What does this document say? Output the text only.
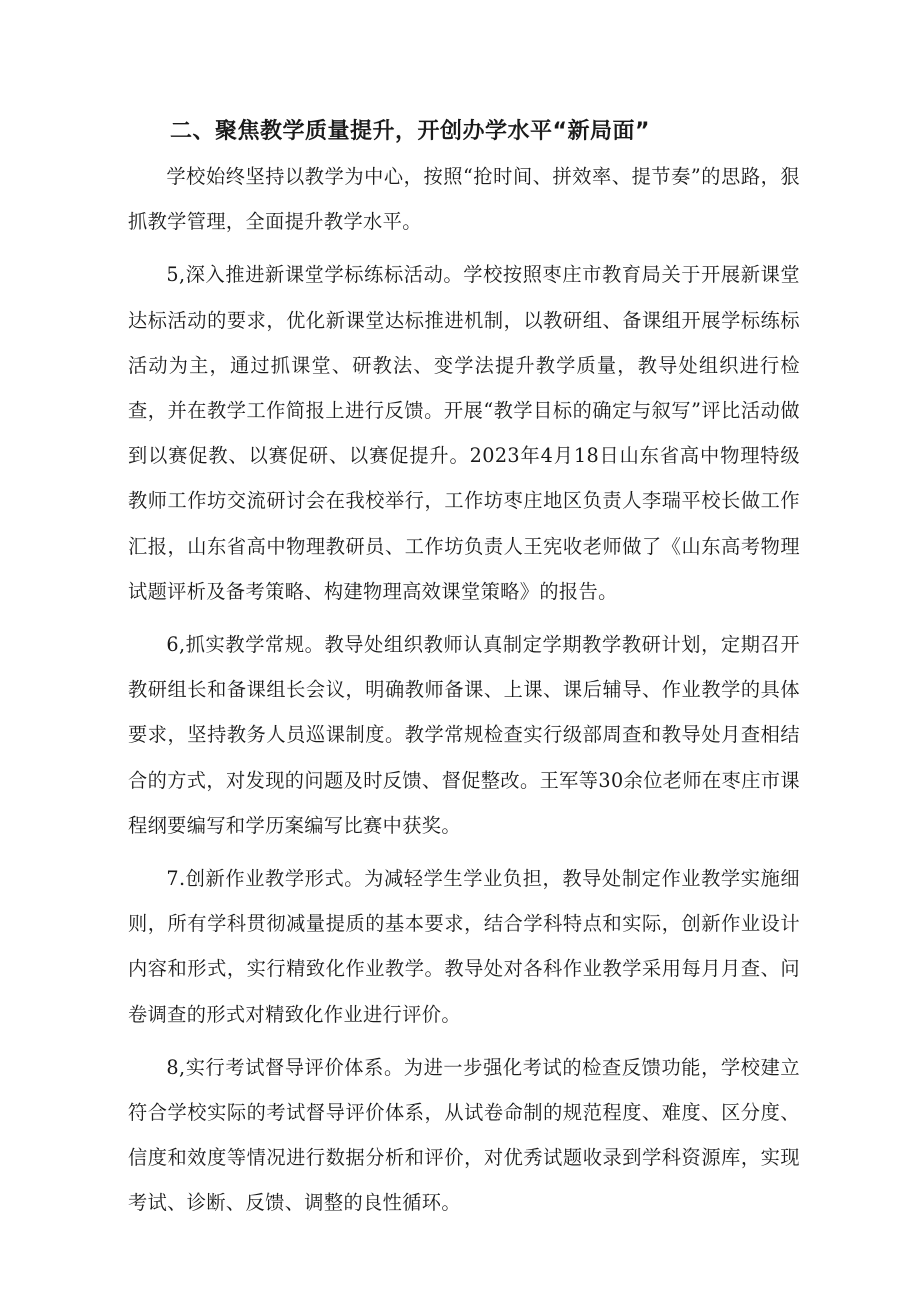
二、聚焦教学质量提升，开创办学水平“新局面”

学校始终坚持以教学为中心，按照“抢时间、拼效率、提节奏”的思路，狠抓教学管理，全面提升教学水平。

5,深入推进新课堂学标练标活动。学校按照枣庄市教育局关于开展新课堂达标活动的要求，优化新课堂达标推进机制，以教研组、备课组开展学标练标活动为主，通过抓课堂、研教法、变学法提升教学质量，教导处组织进行检查，并在教学工作简报上进行反馈。开展“教学目标的确定与叙写”评比活动做到以赛促教、以赛促研、以赛促提升。2023年4月18日山东省高中物理特级教师工作坊交流研讨会在我校举行，工作坊枣庄地区负责人李瑞平校长做工作汇报，山东省高中物理教研员、工作坊负责人王宪收老师做了《山东高考物理试题评析及备考策略、构建物理高效课堂策略》的报告。

6,抓实教学常规。教导处组织教师认真制定学期教学教研计划，定期召开教研组长和备课组长会议，明确教师备课、上课、课后辅导、作业教学的具体要求，坚持教务人员巡课制度。教学常规检查实行级部周查和教导处月查相结合的方式，对发现的问题及时反馈、督促整改。王军等30余位老师在枣庄市课程纲要编写和学历案编写比赛中获奖。

7.创新作业教学形式。为减轻学生学业负担，教导处制定作业教学实施细则，所有学科贯彻减量提质的基本要求，结合学科特点和实际，创新作业设计内容和形式，实行精致化作业教学。教导处对各科作业教学采用每月月查、问卷调查的形式对精致化作业进行评价。

8,实行考试督导评价体系。为进一步强化考试的检查反馈功能，学校建立符合学校实际的考试督导评价体系，从试卷命制的规范程度、难度、区分度、信度和效度等情况进行数据分析和评价，对优秀试题收录到学科资源库，实现考试、诊断、反馈、调整的良性循环。
